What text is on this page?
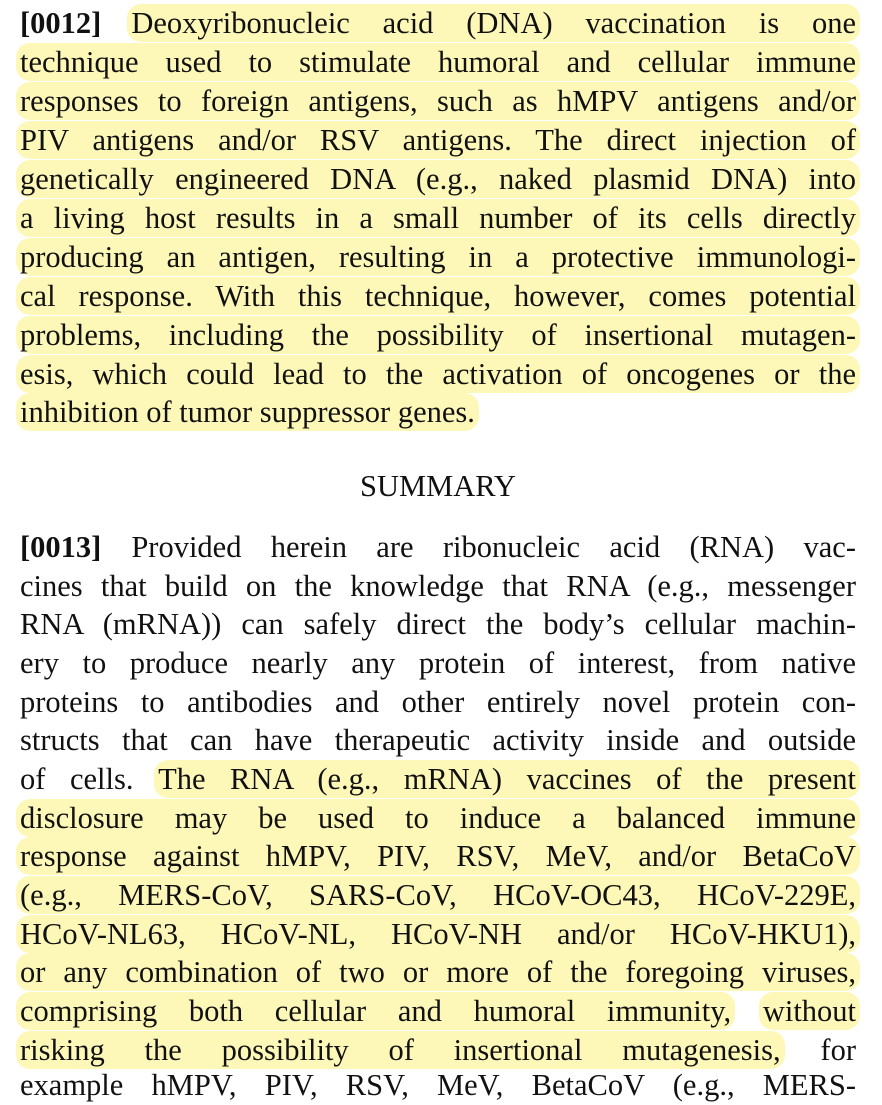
[0012] Deoxyribonucleic acid (DNA) vaccination is one
technique used to stimulate humoral and cellular immune
responses to foreign antigens, such as hMPV antigens and/or
PIV antigens and/or RSV antigens. The direct injection of
genetically engineered DNA (e.g., naked plasmid DNA) into
a living host results in a small number of its cells directly
producing an antigen, resulting in a protective immunologi-
cal response. With this technique, however, comes potential
problems, including the possibility of insertional mutagen-
esis, which could lead to the activation of oncogenes or the
inhibition of tumor suppressor genes.
SUMMARY
[0013] Provided herein are ribonucleic acid (RNA) vac-
cines that build on the knowledge that RNA (e.g., messenger
RNA (mRNA)) can safely direct the body’s cellular machin-
ery to produce nearly any protein of interest, from native
proteins to antibodies and other entirely novel protein con-
structs that can have therapeutic activity inside and outside
of cells. The RNA (e.g., mRNA) vaccines of the present
disclosure may be used to induce a balanced immune
response against hMPV, PIV, RSV, MeV, and/or BetaCoV
(e.g., MERS-CoV, SARS-CoV, HCoV-OC43, HCoV-229E,
HCoV-NL63, HCoV-NL, HCoV-NH and/or HCoV-HKU1),
or any combination of two or more of the foregoing viruses,
comprising both cellular and humoral immunity, without
risking the possibility of insertional mutagenesis, for
example hMPV, PIV, RSV, MeV, BetaCoV (e.g., MERS-
